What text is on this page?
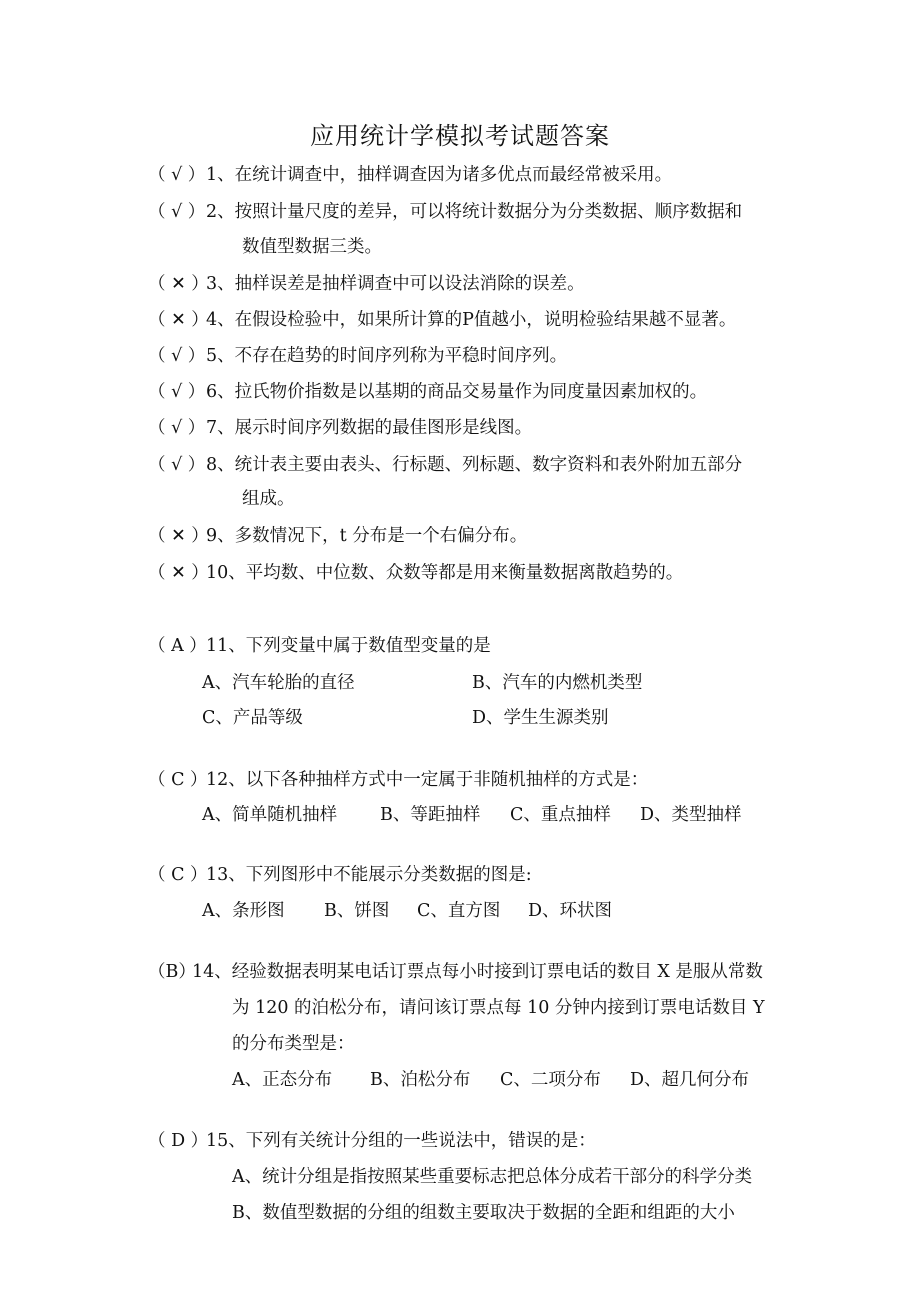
应用统计学模拟考试题答案
（ √ ）1、在统计调查中，抽样调查因为诸多优点而最经常被采用。
（ √ ）2、按照计量尺度的差异，可以将统计数据分为分类数据、顺序数据和
数值型数据三类。
（ ✕ ）3、抽样误差是抽样调查中可以设法消除的误差。
（ ✕ ）4、在假设检验中，如果所计算的P值越小，说明检验结果越不显著。
（ √ ）5、不存在趋势的时间序列称为平稳时间序列。
（ √ ）6、拉氏物价指数是以基期的商品交易量作为同度量因素加权的。
（ √ ）7、展示时间序列数据的最佳图形是线图。
（ √ ）8、统计表主要由表头、行标题、列标题、数字资料和表外附加五部分
组成。
（ ✕ ）9、多数情况下，t 分布是一个右偏分布。
（ ✕ ）10、平均数、中位数、众数等都是用来衡量数据离散趋势的。
（ A ）11、下列变量中属于数值型变量的是
A、汽车轮胎的直径	B、汽车的内燃机类型
C、产品等级	D、学生生源类别
（ C ）12、以下各种抽样方式中一定属于非随机抽样的方式是：
A、简单随机抽样 B、等距抽样 C、重点抽样 D、类型抽样
（ C ）13、下列图形中不能展示分类数据的图是:
A、条形图 B、饼图 C、直方图 D、环状图
（B）14、经验数据表明某电话订票点每小时接到订票电话的数目 X 是服从常数
为 120 的泊松分布，请问该订票点每 10 分钟内接到订票电话数目 Y
的分布类型是：
A、正态分布 B、泊松分布 C、二项分布 D、超几何分布
（ D ）15、下列有关统计分组的一些说法中，错误的是：
A、统计分组是指按照某些重要标志把总体分成若干部分的科学分类
B、数值型数据的分组的组数主要取决于数据的全距和组距的大小
